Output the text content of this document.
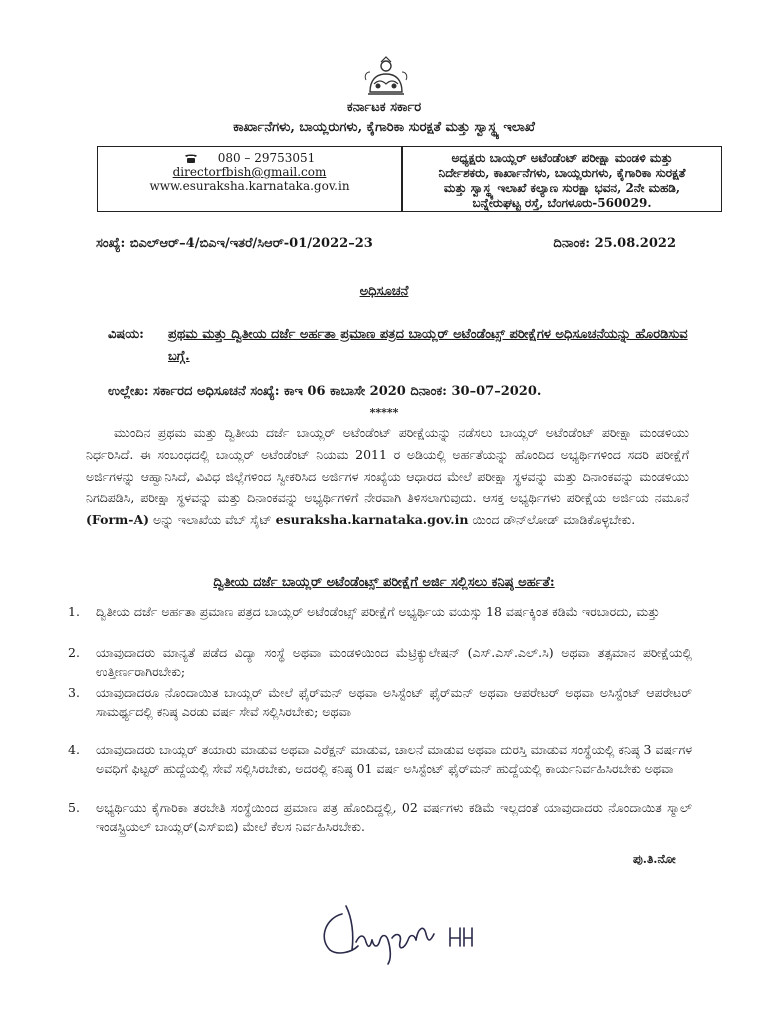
ಕರ್ನಾಟಕ ಸರ್ಕಾರ
ಕಾರ್ಖಾನೆಗಳು, ಬಾಯ್ಲರುಗಳು, ಕೈಗಾರಿಕಾ ಸುರಕ್ಷತೆ ಮತ್ತು ಸ್ವಾಸ್ಥ್ಯ ಇಲಾಖೆ
080 – 29753051
directorfbish@gmail.com
www.esuraksha.karnataka.gov.in
ಅಧ್ಯಕ್ಷರು ಬಾಯ್ಲರ್ ಅಟೆಂಡೆಂಟ್ ಪರೀಕ್ಷಾ ಮಂಡಳಿ ಮತ್ತು
ನಿರ್ದೇಶಕರು, ಕಾರ್ಖಾನೆಗಳು, ಬಾಯ್ಲರುಗಳು, ಕೈಗಾರಿಕಾ ಸುರಕ್ಷತೆ
ಮತ್ತು ಸ್ವಾಸ್ಥ್ಯ ಇಲಾಖೆ ಕಲ್ಯಾಣ ಸುರಕ್ಷಾ ಭವನ, 2ನೇ ಮಹಡಿ,
ಬನ್ನೇರುಘಟ್ಟ ರಸ್ತೆ, ಬೆಂಗಳೂರು-560029.
ಸಂಖ್ಯೆ: ಬಿಎಲ್ಆರ್–4/ಬಿಎಇ/ಇತರೆ/ಸಿಆರ್-01/2022–23	ದಿನಾಂಕ: 25.08.2022
ಅಧಿಸೂಚನೆ
ವಿಷಯ: ಪ್ರಥಮ ಮತ್ತು ದ್ವಿತೀಯ ದರ್ಜೆ ಅರ್ಹತಾ ಪ್ರಮಾಣ ಪತ್ರದ ಬಾಯ್ಲರ್ ಅಟೆಂಡೆಂಟ್ಸ್ ಪರೀಕ್ಷೆಗಳ ಅಧಿಸೂಚನೆಯನ್ನು ಹೊರಡಿಸುವ ಬಗ್ಗೆ.
ಉಲ್ಲೇಖ: ಸರ್ಕಾರದ ಅಧಿಸೂಚನೆ ಸಂಖ್ಯೆ: ಕಾಇ 06 ಕಾಬಾಸೇ 2020 ದಿನಾಂಕ: 30–07–2020.
*****
ಮುಂದಿನ ಪ್ರಥಮ ಮತ್ತು ದ್ವಿತೀಯ ದರ್ಜೆ ಬಾಯ್ಲರ್ ಅಟೆಂಡೆಂಟ್ ಪರೀಕ್ಷೆಯನ್ನು ನಡೆಸಲು ಬಾಯ್ಲರ್ ಅಟೆಂಡೆಂಟ್ ಪರೀಕ್ಷಾ ಮಂಡಳಿಯು ನಿರ್ಧರಿಸಿದೆ. ಈ ಸಂಬಂಧದಲ್ಲಿ ಬಾಯ್ಲರ್ ಅಟೆಂಡೆಂಟ್ ನಿಯಮ 2011 ರ ಅಡಿಯಲ್ಲಿ ಅರ್ಹತೆಯನ್ನು ಹೊಂದಿದ ಅಭ್ಯರ್ಥಿಗಳಿಂದ ಸದರಿ ಪರೀಕ್ಷೆಗೆ ಅರ್ಜಿಗಳನ್ನು ಆಹ್ವಾನಿಸಿದೆ, ವಿವಿಧ ಜಿಲ್ಲೆಗಳಿಂದ ಸ್ವೀಕರಿಸಿದ ಅರ್ಜಿಗಳ ಸಂಖ್ಯೆಯ ಆಧಾರದ ಮೇಲೆ ಪರೀಕ್ಷಾ ಸ್ಥಳವನ್ನು ಮತ್ತು ದಿನಾಂಕವನ್ನು ಮಂಡಳಿಯು ನಿಗದಿಪಡಿಸಿ, ಪರೀಕ್ಷಾ ಸ್ಥಳವನ್ನು ಮತ್ತು ದಿನಾಂಕವನ್ನು ಅಭ್ಯರ್ಥಿಗಳಿಗೆ ನೇರವಾಗಿ ತಿಳಿಸಲಾಗುವುದು. ಆಸಕ್ತ ಅಭ್ಯರ್ಥಿಗಳು ಪರೀಕ್ಷೆಯ ಅರ್ಜಿಯ ನಮೂನೆ (Form-A) ಅನ್ನು ಇಲಾಖೆಯ ವೆಬ್ ಸೈಟ್ esuraksha.karnataka.gov.in ಯಿಂದ ಡೌನ್‌ಲೋಡ್ ಮಾಡಿಕೊಳ್ಳಬೇಕು.
ದ್ವಿತೀಯ ದರ್ಜೆ ಬಾಯ್ಲರ್ ಅಟೆಂಡೆಂಟ್ಸ್ ಪರೀಕ್ಷೆಗೆ ಅರ್ಜಿ ಸಲ್ಲಿಸಲು ಕನಿಷ್ಠ ಅರ್ಹತೆ:
1.	ದ್ವಿತೀಯ ದರ್ಜೆ ಅರ್ಹತಾ ಪ್ರಮಾಣ ಪತ್ರದ ಬಾಯ್ಲರ್ ಅಟೆಂಡೆಂಟ್ಸ್ ಪರೀಕ್ಷೆಗೆ ಅಭ್ಯರ್ಥಿಯ ವಯಸ್ಸು 18 ವರ್ಷಕ್ಕಿಂತ ಕಡಿಮೆ ಇರಬಾರದು, ಮತ್ತು
2.	ಯಾವುದಾದರು ಮಾನ್ಯತೆ ಪಡೆದ ವಿದ್ಯಾ ಸಂಸ್ಥೆ ಅಥವಾ ಮಂಡಳಿಯಿಂದ ಮೆಟ್ರಿಕ್ಯುಲೇಷನ್ (ಎಸ್.ಎಸ್.ಎಲ್.ಸಿ) ಅಥವಾ ತತ್ಸಮಾನ ಪರೀಕ್ಷೆಯಲ್ಲಿ ಉತ್ತೀರ್ಣರಾಗಿರಬೇಕು;
3.	ಯಾವುದಾದರೂ ನೊಂದಾಯಿತ ಬಾಯ್ಲರ್ ಮೇಲೆ ಫೈರ್‌ಮನ್ ಅಥವಾ ಅಸಿಸ್ಟೆಂಟ್ ಫೈರ್‌ಮನ್ ಅಥವಾ ಆಪರೇಟರ್ ಅಥವಾ ಅಸಿಸ್ಟೆಂಟ್ ಆಪರೇಟರ್ ಸಾಮರ್ಥ್ಯದಲ್ಲಿ ಕನಿಷ್ಠ ಎರಡು ವರ್ಷ ಸೇವೆ ಸಲ್ಲಿಸಿರಬೇಕು; ಅಥವಾ
4.	ಯಾವುದಾದರು ಬಾಯ್ಲರ್ ತಯಾರು ಮಾಡುವ ಅಥವಾ ಎರೆಕ್ಷನ್ ಮಾಡುವ, ಚಾಲನೆ ಮಾಡುವ ಅಥವಾ ದುರಸ್ತಿ ಮಾಡುವ ಸಂಸ್ಥೆಯಲ್ಲಿ ಕನಿಷ್ಠ 3 ವರ್ಷಗಳ ಅವಧಿಗೆ ಫಿಟ್ಟರ್ ಹುದ್ದೆಯಲ್ಲಿ ಸೇವೆ ಸಲ್ಲಿಸಿರಬೇಕು, ಅದರಲ್ಲಿ ಕನಿಷ್ಠ 01 ವರ್ಷ ಅಸಿಸ್ಟೆಂಟ್ ಫೈರ್‌ಮನ್ ಹುದ್ದೆಯಲ್ಲಿ ಕಾರ್ಯನಿರ್ವಹಿಸಿರಬೇಕು ಅಥವಾ
5.	ಅಭ್ಯರ್ಥಿಯು ಕೈಗಾರಿಕಾ ತರಬೇತಿ ಸಂಸ್ಥೆಯಿಂದ ಪ್ರಮಾಣ ಪತ್ರ ಹೊಂದಿದ್ದಲ್ಲಿ, 02 ವರ್ಷಗಳು ಕಡಿಮೆ ಇಲ್ಲದಂತೆ ಯಾವುದಾದರು ನೊಂದಾಯಿತ ಸ್ಮಾಲ್ ಇಂಡಸ್ಟ್ರಿಯಲ್ ಬಾಯ್ಲರ್(ಎಸ್‌ಐಬಿ) ಮೇಲೆ ಕೆಲಸ ನಿರ್ವಹಿಸಿರಬೇಕು.
ಪು.ತಿ.ನೋ
